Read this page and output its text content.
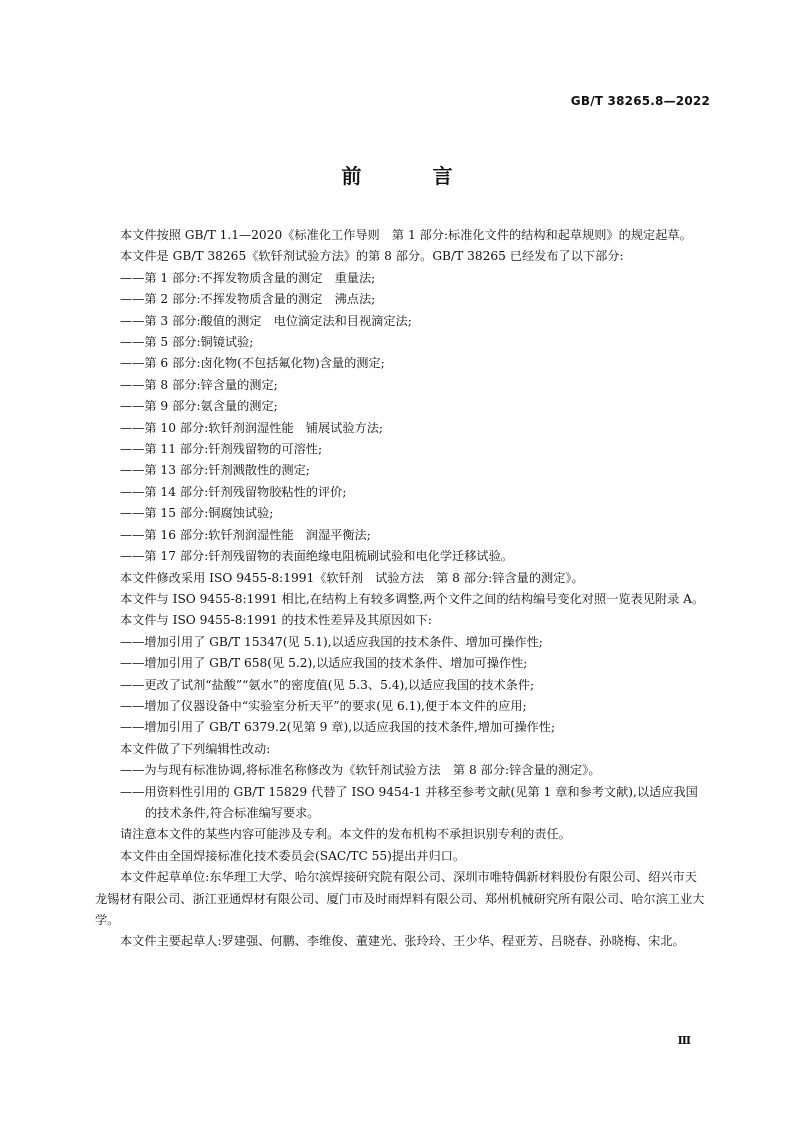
GB/T 38265.8—2022
前 言

本文件按照 GB/T 1.1—2020《标准化工作导则　第 1 部分:标准化文件的结构和起草规则》的规定起草。

本文件是 GB/T 38265《软钎剂试验方法》的第 8 部分。GB/T 38265 已经发布了以下部分:

——第 1 部分:不挥发物质含量的测定　重量法;

——第 2 部分:不挥发物质含量的测定　沸点法;

——第 3 部分:酸值的测定　电位滴定法和目视滴定法;

——第 5 部分:铜镜试验;

——第 6 部分:卤化物(不包括氟化物)含量的测定;

——第 8 部分:锌含量的测定;

——第 9 部分:氨含量的测定;

——第 10 部分:软钎剂润湿性能　铺展试验方法;

——第 11 部分:钎剂残留物的可溶性;

——第 13 部分:钎剂溅散性的测定;

——第 14 部分:钎剂残留物胶粘性的评价;

——第 15 部分:铜腐蚀试验;

——第 16 部分:软钎剂润湿性能　润湿平衡法;

——第 17 部分:钎剂残留物的表面绝缘电阻梳刷试验和电化学迁移试验。

本文件修改采用 ISO 9455-8:1991《软钎剂　试验方法　第 8 部分:锌含量的测定》。

本文件与 ISO 9455-8:1991 相比,在结构上有较多调整,两个文件之间的结构编号变化对照一览表见附录 A。

本文件与 ISO 9455-8:1991 的技术性差异及其原因如下:

——增加引用了 GB/T 15347(见 5.1),以适应我国的技术条件、增加可操作性;

——增加引用了 GB/T 658(见 5.2),以适应我国的技术条件、增加可操作性;

——更改了试剂“盐酸”“氨水”的密度值(见 5.3、5.4),以适应我国的技术条件;

——增加了仪器设备中“实验室分析天平”的要求(见 6.1),便于本文件的应用;

——增加引用了 GB/T 6379.2(见第 9 章),以适应我国的技术条件,增加可操作性;

本文件做了下列编辑性改动:

——为与现有标准协调,将标准名称修改为《软钎剂试验方法　第 8 部分:锌含量的测定》。

——用资料性引用的 GB/T 15829 代替了 ISO 9454-1 并移至参考文献(见第 1 章和参考文献),以适应我国的技术条件,符合标准编写要求。

请注意本文件的某些内容可能涉及专利。本文件的发布机构不承担识别专利的责任。

本文件由全国焊接标准化技术委员会(SAC/TC 55)提出并归口。

本文件起草单位:东华理工大学、哈尔滨焊接研究院有限公司、深圳市唯特偶新材料股份有限公司、绍兴市天龙锡材有限公司、浙江亚通焊材有限公司、厦门市及时雨焊料有限公司、郑州机械研究所有限公司、哈尔滨工业大学。

本文件主要起草人:罗建强、何鹏、李维俊、董建光、张玲玲、王少华、程亚芳、吕晓春、孙晓梅、宋北。

Ⅲ
